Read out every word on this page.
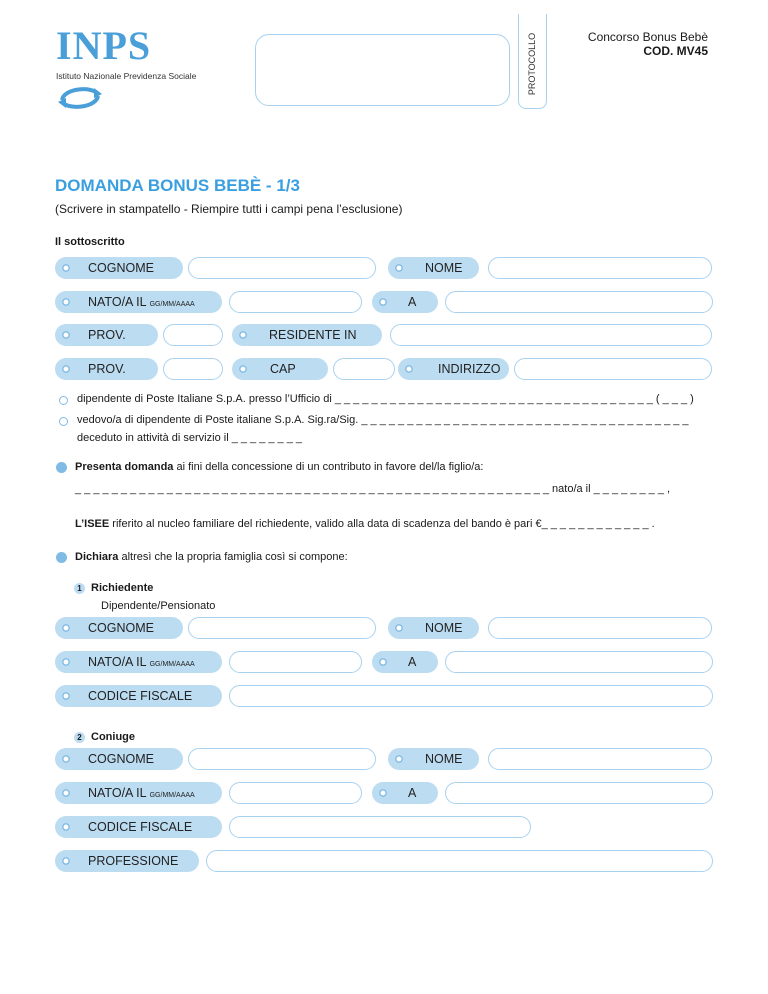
INPS
Istituto Nazionale Previdenza Sociale	PROTOCOLLO	Concorso Bonus Bebè
COD. MV45
DOMANDA BONUS BEBÈ - 1/3
(Scrivere in stampatello - Riempire tutti i campi pena l’esclusione)
Il sottoscritto
COGNOME	NOME
NATO/A IL GG/MM/AAAA	A
PROV.	RESIDENTE IN
PROV.	CAP	INDIRIZZO
dipendente di Poste Italiane S.p.A. presso l’Ufficio di _ _ _ _ _ _ _ _ _ _ _ _ _ _ _ _ _ _ _ _ _ _ _ _ _ _ _ _ _ _ _ _ _ _ _ ( _ _ _ )
vedovo/a di dipendente di Poste italiane S.p.A. Sig.ra/Sig. _ _ _ _ _ _ _ _ _ _ _ _ _ _ _ _ _ _ _ _ _ _ _ _ _ _ _ _ _ _ _ _ _ _ _ _
deceduto in attività di servizio il _ _ _ _ _ _ _ _
Presenta domanda ai fini della concessione di un contributo in favore del/la figlio/a:
_ _ _ _ _ _ _ _ _ _ _ _ _ _ _ _ _ _ _ _ _ _ _ _ _ _ _ _ _ _ _ _ _ _ _ _ _ _ _ _ _ _ _ _ _ _ _ _ _ _ _ _ nato/a il _ _ _ _ _ _ _ _ ,
L’ISEE riferito al nucleo familiare del richiedente, valido alla data di scadenza del bando è pari €_ _ _ _ _ _ _ _ _ _ _ _ .
Dichiara altresì che la propria famiglia così si compone:
1 Richiedente
Dipendente/Pensionato
COGNOME	NOME
NATO/A IL GG/MM/AAAA	A
CODICE FISCALE
2 Coniuge
COGNOME	NOME
NATO/A IL GG/MM/AAAA	A
CODICE FISCALE
PROFESSIONE
